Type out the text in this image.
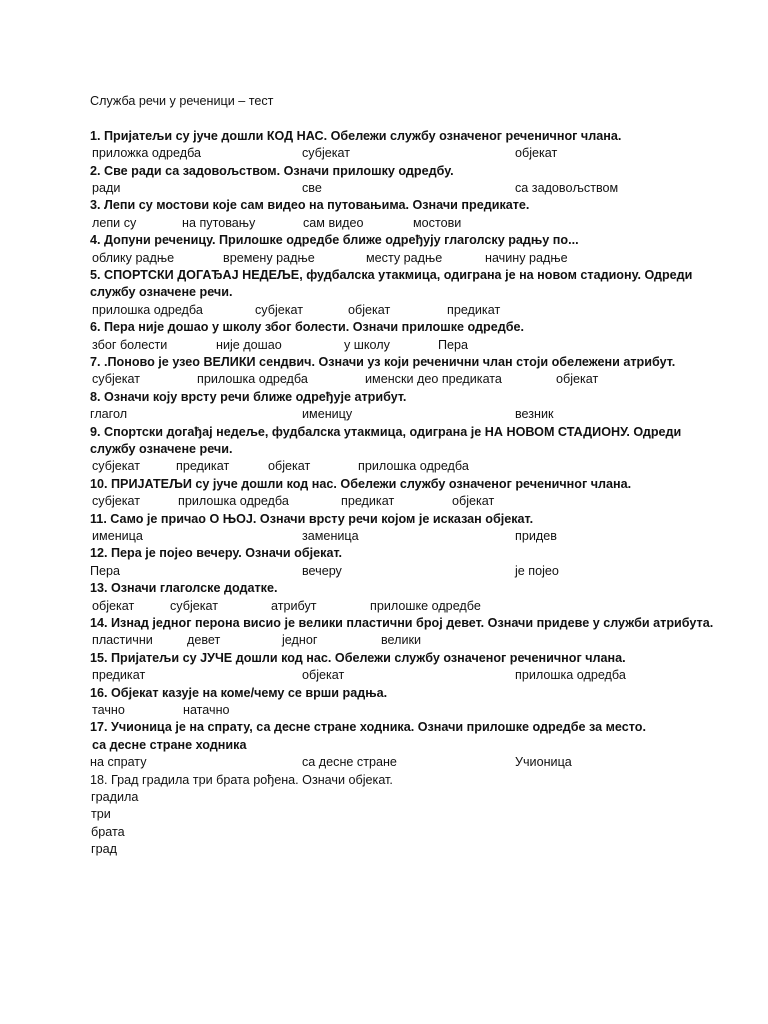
Служба речи у реченици – тест
1. Пријатељи су јуче дошли КОД НАС. Обележи службу означеног реченичног члана.
приложка одредба	субјекат	објекат
2. Све ради са задовољством. Означи прилошку одредбу.
ради	све	са задовољством
3. Лепи су мостови које сам видео на путовањима. Означи предикате.
лепи су	на путовању	сам видео	мостови
4. Допуни реченицу. Прилошке одредбе ближе одређују глаголску радњу по...
облику радње	времену радње	месту радње	начину радње
5. СПОРТСКИ ДОГАЂАЈ НЕДЕЉЕ, фудбалска утакмица, одиграна је на новом стадиону. Одреди службу означене речи.
прилошка одредба	субјекат	објекат	предикат
6. Пера није дошао у школу због болести. Означи прилошке одредбе.
због болести	није дошао	у школу	Пера
7. .Поново је узео ВЕЛИКИ сендвич. Означи уз који реченични члан стоји обележени атрибут.
субјекат	прилошка одредба	именски део предиката	објекат
8. Означи коју врсту речи ближе одређује атрибут.
глагол	именицу	везник
9. Спортски догађај недеље, фудбалска утакмица, одиграна је НА НОВОМ СТАДИОНУ. Одреди службу означене речи.
субјекат	предикат	објекат	прилошка одредба
10. ПРИЈАТЕЉИ су јуче дошли код нас. Обележи службу означеног реченичног члана.
субјекат	прилошка одредба	предикат	објекат
11. Само је причао О ЊОЈ. Означи врсту речи којом је исказан објекат.
именица	заменица	придев
12. Пера је појео вечеру. Означи објекат.
Пера	вечеру	је појео
13. Означи глаголске додатке.
објекат	субјекат	атрибут	прилошке одредбе
14. Изнад једног перона висио је велики пластични број девет. Означи придеве у служби атрибута.
пластични	девет	једног	велики
15. Пријатељи су ЈУЧЕ дошли код нас. Обележи службу означеног реченичног члана.
предикат	објекат	прилошка одредба
16. Објекат казује на коме/чему се врши радња.
тачно	натачно
17. Учионица је на спрату, са десне стране ходника. Означи прилошке одредбе за место.
са десне стране ходника
на спрату	са десне стране	Учионица
18. Град градила три брата рођена. Означи објекат.
градила
три
брата
град
